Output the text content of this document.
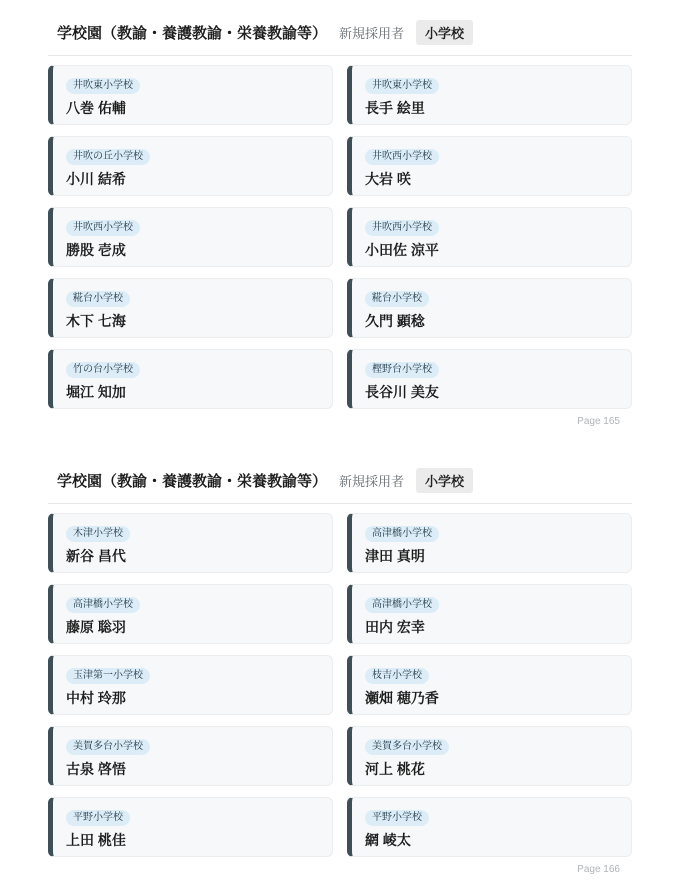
学校園（教諭・養護教諭・栄養教諭等） 新規採用者	小学校
井吹東小学校
八巻 佑輔
井吹東小学校
長手 絵里
井吹の丘小学校
小川 結希
井吹西小学校
大岩 咲
井吹西小学校
勝股 壱成
井吹西小学校
小田佐 涼平
糀台小学校
木下 七海
糀台小学校
久門 顕稔
竹の台小学校
堀江 知加
樫野台小学校
長谷川 美友
Page 165
学校園（教諭・養護教諭・栄養教諭等） 新規採用者	小学校
木津小学校
新谷 昌代
高津橋小学校
津田 真明
高津橋小学校
藤原 聡羽
高津橋小学校
田内 宏幸
玉津第一小学校
中村 玲那
枝吉小学校
瀬畑 穂乃香
美賀多台小学校
古泉 啓悟
美賀多台小学校
河上 桃花
平野小学校
上田 桃佳
平野小学校
網 崚太
Page 166
